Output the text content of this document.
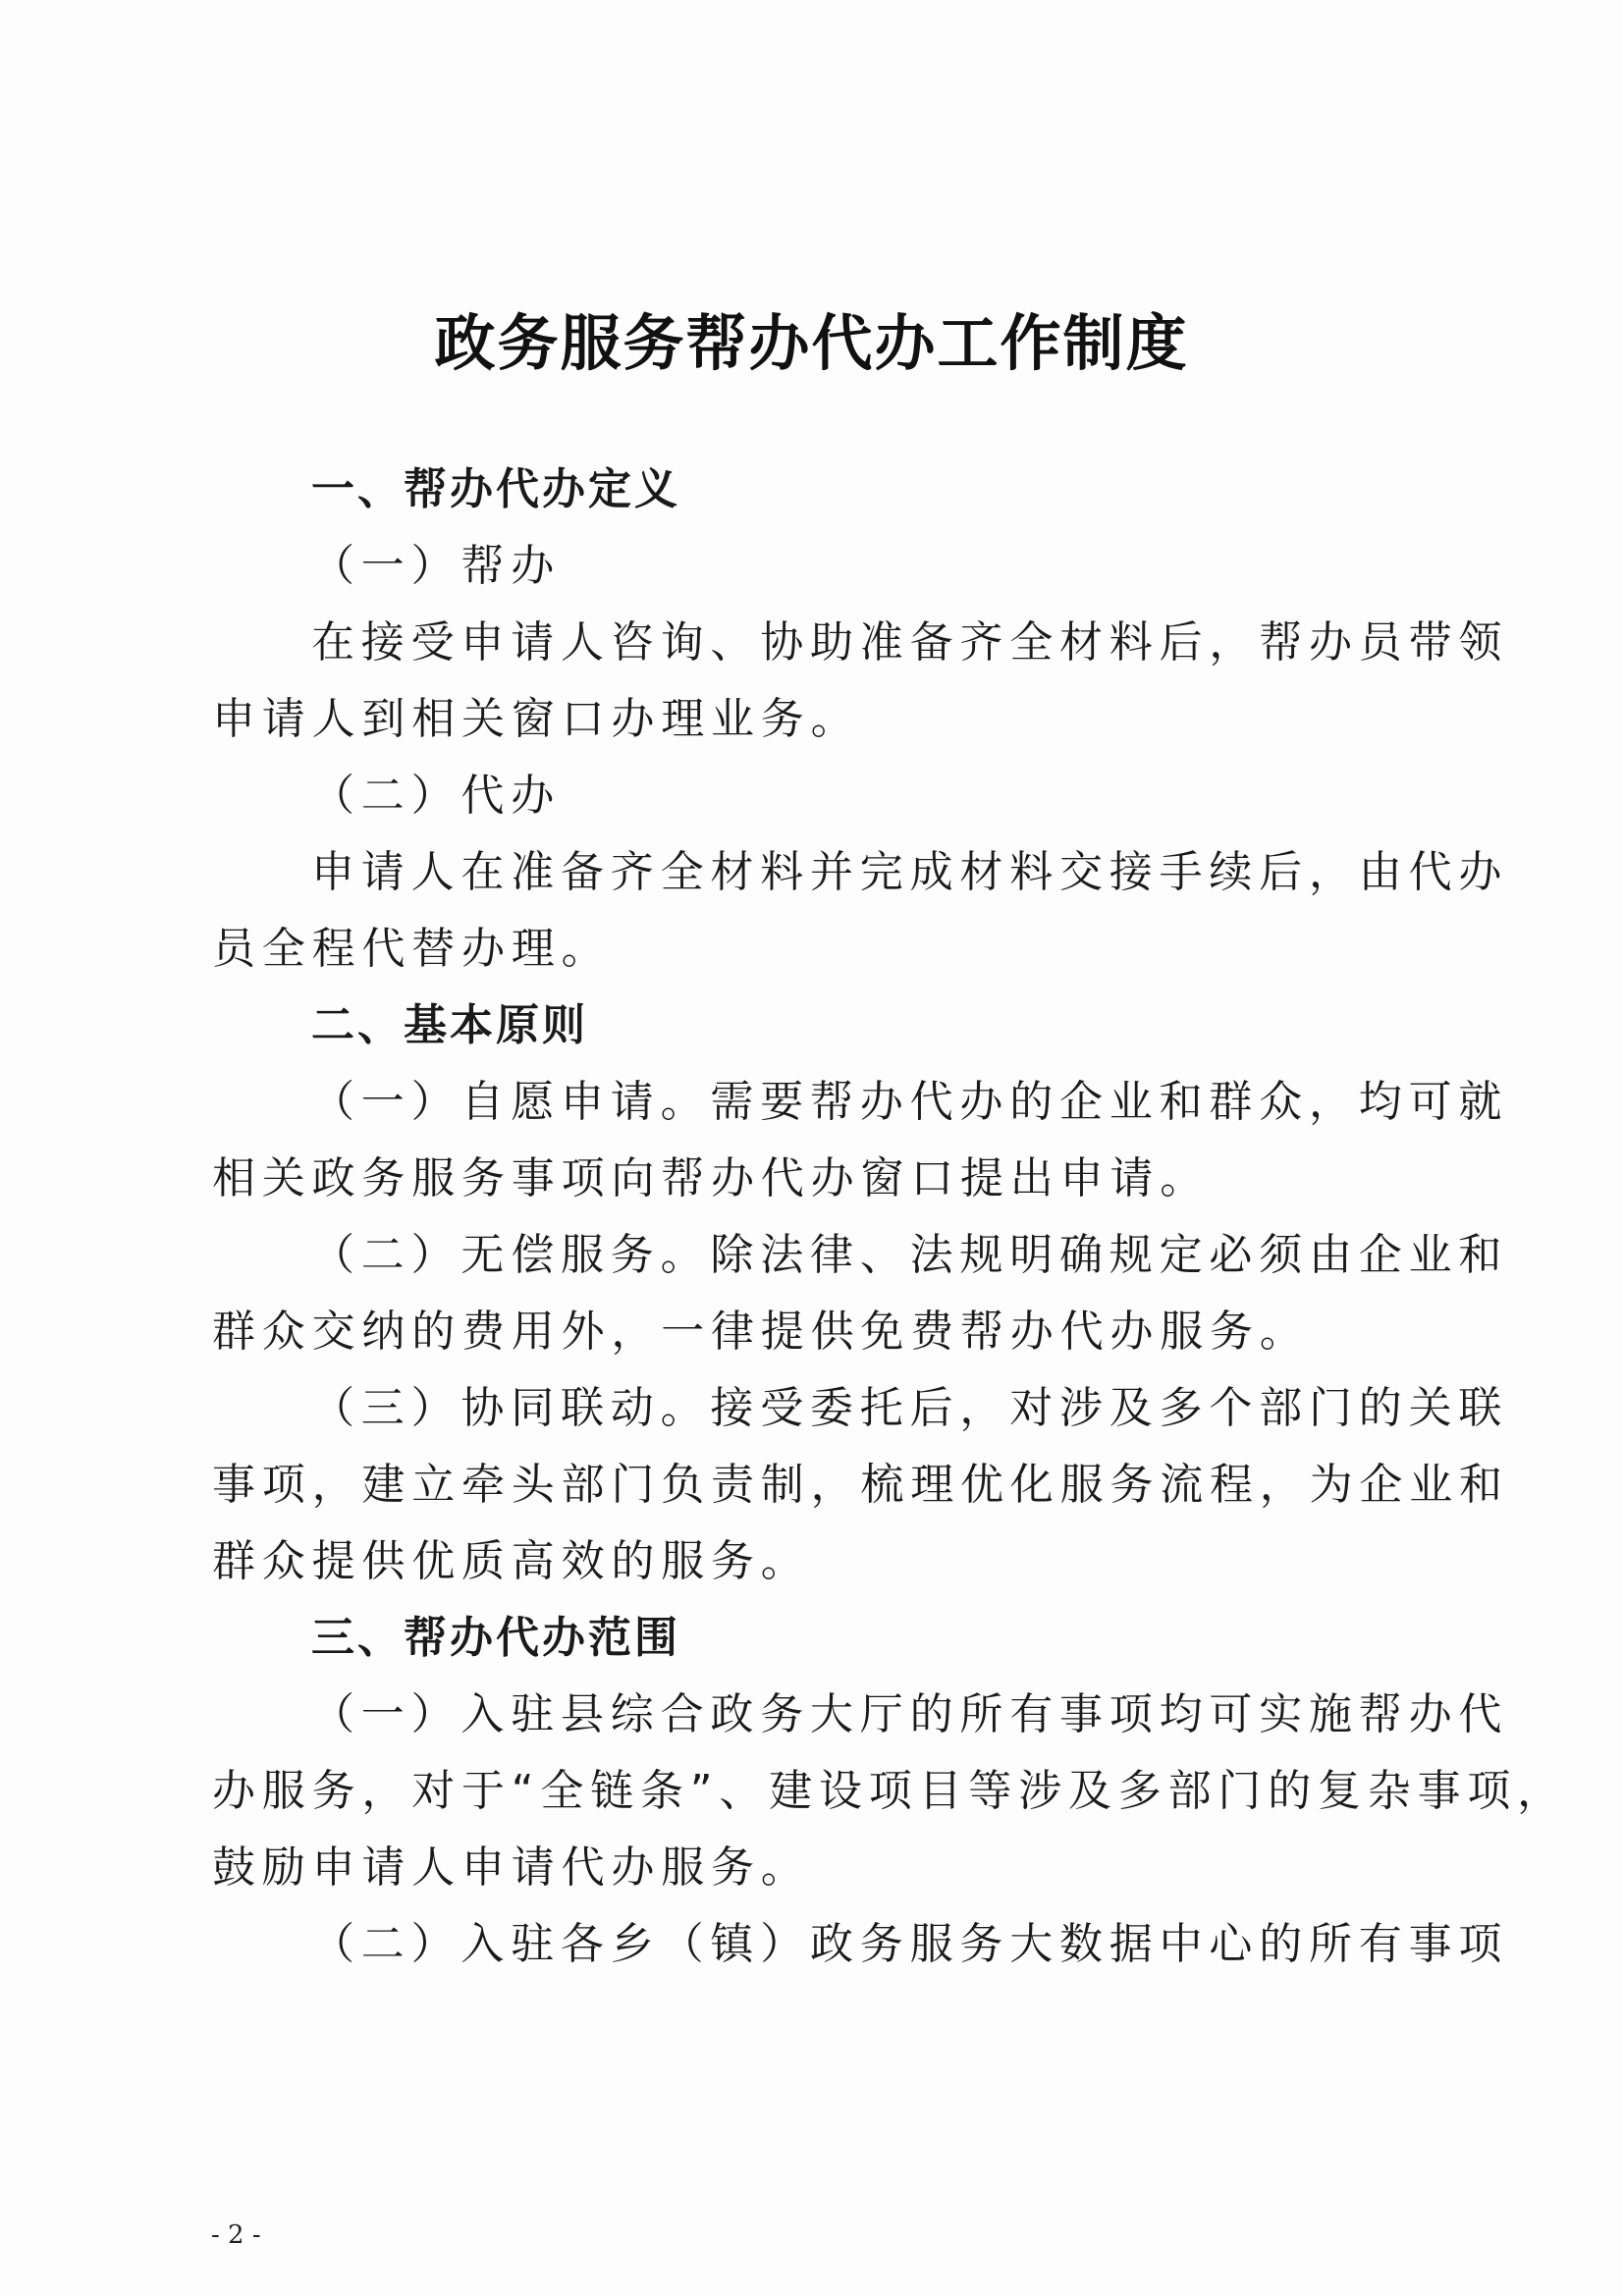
政务服务帮办代办工作制度
一、帮办代办定义
（一）帮办
在接受申请人咨询、协助准备齐全材料后，帮办员带领
申请人到相关窗口办理业务。
（二）代办
申请人在准备齐全材料并完成材料交接手续后，由代办
员全程代替办理。
二、基本原则
（一）自愿申请。需要帮办代办的企业和群众，均可就
相关政务服务事项向帮办代办窗口提出申请。
（二）无偿服务。除法律、法规明确规定必须由企业和
群众交纳的费用外，一律提供免费帮办代办服务。
（三）协同联动。接受委托后，对涉及多个部门的关联
事项，建立牵头部门负责制，梳理优化服务流程，为企业和
群众提供优质高效的服务。
三、帮办代办范围
（一）入驻县综合政务大厅的所有事项均可实施帮办代
办服务，对于“全链条”、建设项目等涉及多部门的复杂事项，
鼓励申请人申请代办服务。
（二）入驻各乡（镇）政务服务大数据中心的所有事项
- 2 -
